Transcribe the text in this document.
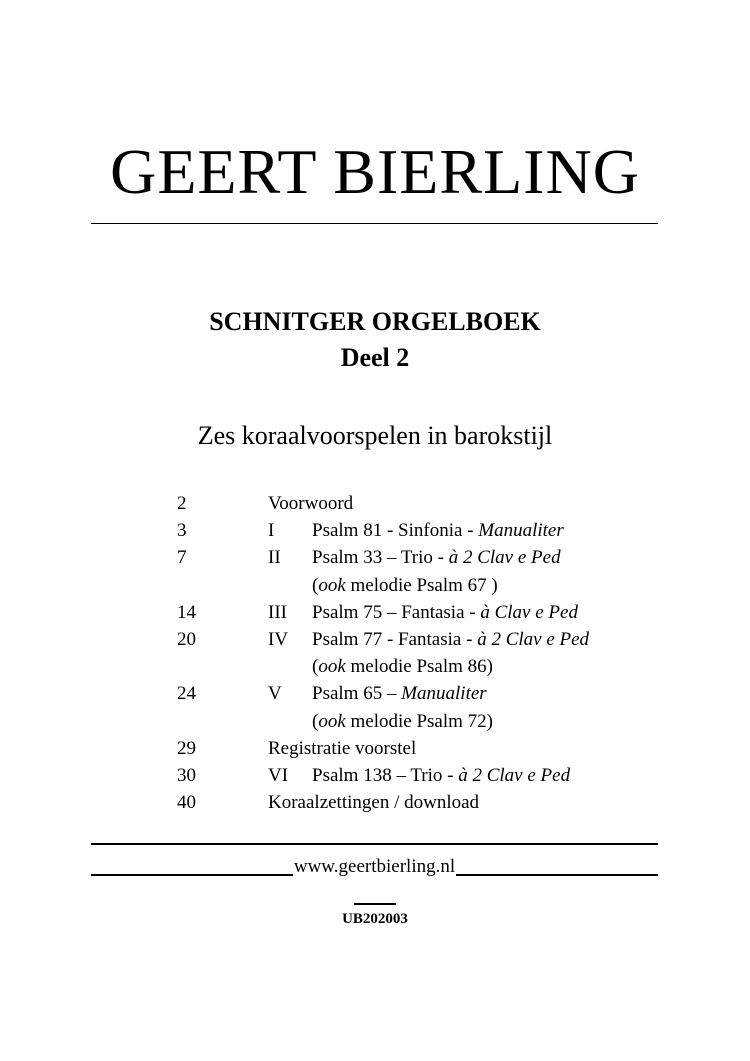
GEERT BIERLING
SCHNITGER ORGELBOEK
Deel 2
Zes koraalvoorspelen in barokstijl
2	Voorwoord
3	I Psalm 81 - Sinfonia - Manualiter
7	II Psalm 33 – Trio - à 2 Clav e Ped
(ook melodie Psalm 67 )
14	III Psalm 75 – Fantasia - à Clav e Ped
20	IV Psalm 77 - Fantasia - à 2 Clav e Ped
(ook melodie Psalm 86)
24	V Psalm 65 – Manualiter
(ook melodie Psalm 72)
29	Registratie voorstel
30	VI Psalm 138 – Trio - à 2 Clav e Ped
40	Koraalzettingen / download
www.geertbierling.nl
UB202003
